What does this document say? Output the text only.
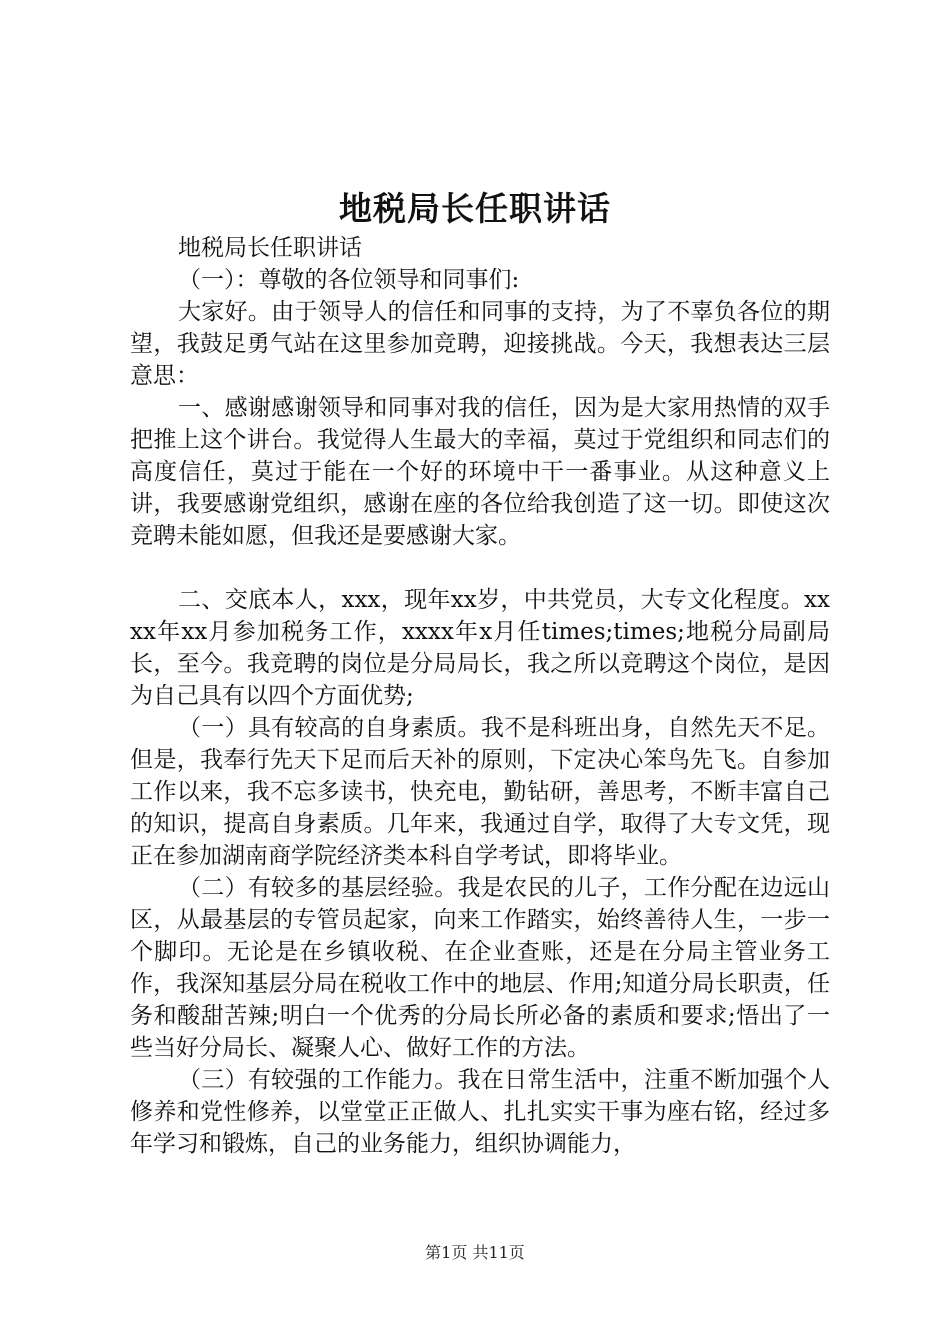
地税局长任职讲话

地税局长任职讲话

（一）：尊敬的各位领导和同事们:

大家好。由于领导人的信任和同事的支持，为了不辜负各位的期望，我鼓足勇气站在这里参加竞聘，迎接挑战。今天，我想表达三层意思：

一、感谢感谢领导和同事对我的信任，因为是大家用热情的双手把推上这个讲台。我觉得人生最大的幸福，莫过于党组织和同志们的高度信任，莫过于能在一个好的环境中干一番事业。从这种意义上讲，我要感谢党组织，感谢在座的各位给我创造了这一切。即使这次竞聘未能如愿，但我还是要感谢大家。

二、交底本人，xxx，现年xx岁，中共党员，大专文化程度。xxxx年xx月参加税务工作，xxxx年x月任times;times;地税分局副局长，至今。我竞聘的岗位是分局局长，我之所以竞聘这个岗位，是因为自己具有以四个方面优势;

（一）具有较高的自身素质。我不是科班出身，自然先天不足。但是，我奉行先天下足而后天补的原则，下定决心笨鸟先飞。自参加工作以来，我不忘多读书，快充电，勤钻研，善思考，不断丰富自己的知识，提高自身素质。几年来，我通过自学，取得了大专文凭，现正在参加湖南商学院经济类本科自学考试，即将毕业。

（二）有较多的基层经验。我是农民的儿子，工作分配在边远山区，从最基层的专管员起家，向来工作踏实，始终善待人生，一步一个脚印。无论是在乡镇收税、在企业查账，还是在分局主管业务工作，我深知基层分局在税收工作中的地层、作用;知道分局长职责，任务和酸甜苦辣;明白一个优秀的分局长所必备的素质和要求;悟出了一些当好分局长、凝聚人心、做好工作的方法。

（三）有较强的工作能力。我在日常生活中，注重不断加强个人修养和党性修养，以堂堂正正做人、扎扎实实干事为座右铭，经过多年学习和锻炼，自己的业务能力，组织协调能力，

第1页 共11页
